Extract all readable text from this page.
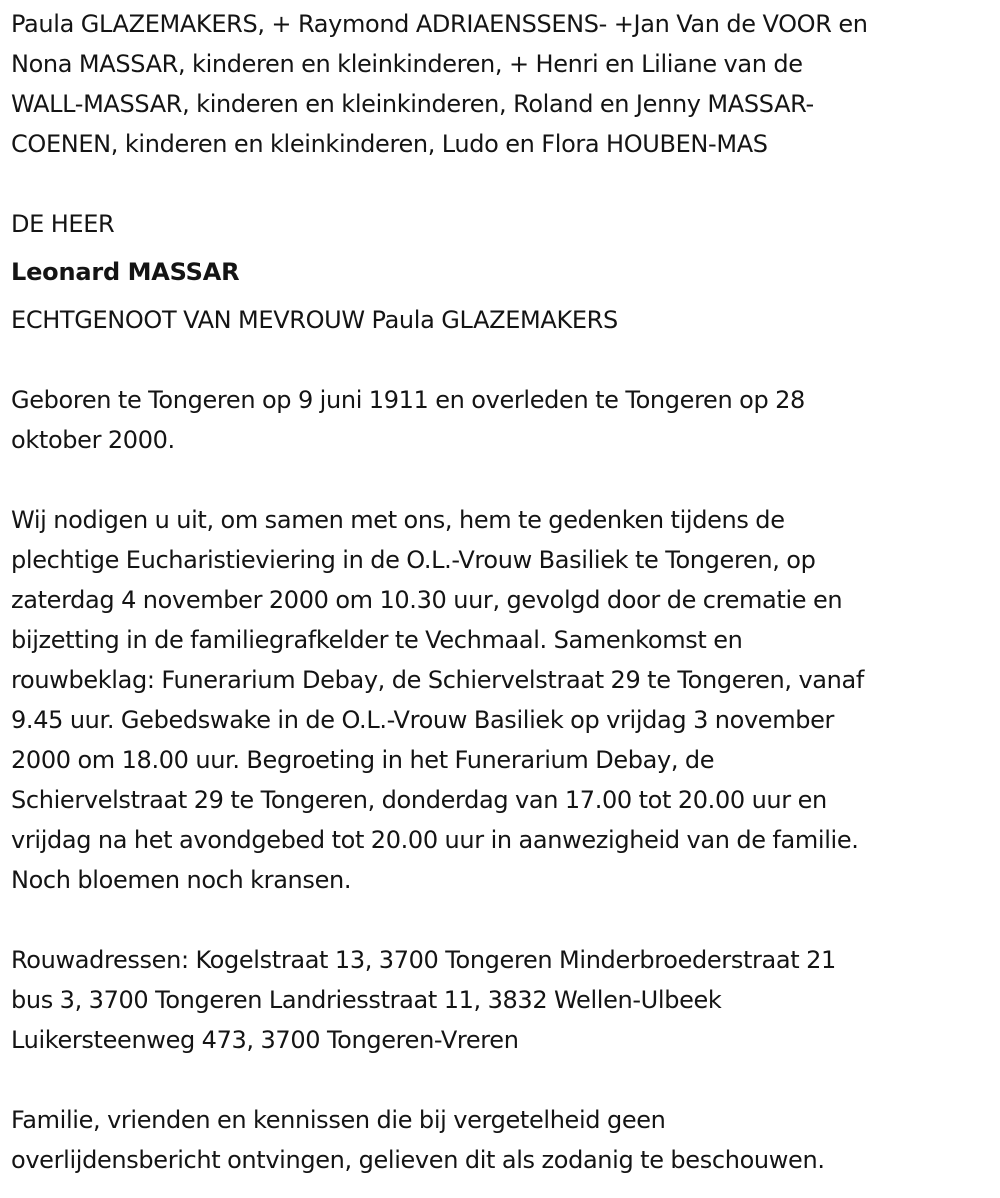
Paula GLAZEMAKERS, + Raymond ADRIAENSSENS- +Jan Van de VOOR en
Nona MASSAR, kinderen en kleinkinderen, + Henri en Liliane van de
WALL-MASSAR, kinderen en kleinkinderen, Roland en Jenny MASSAR-
COENEN, kinderen en kleinkinderen, Ludo en Flora HOUBEN-MAS
DE HEER
Leonard MASSAR
ECHTGENOOT VAN MEVROUW Paula GLAZEMAKERS
Geboren te Tongeren op 9 juni 1911 en overleden te Tongeren op 28
oktober 2000.
Wij nodigen u uit, om samen met ons, hem te gedenken tijdens de
plechtige Eucharistieviering in de O.L.-Vrouw Basiliek te Tongeren, op
zaterdag 4 november 2000 om 10.30 uur, gevolgd door de crematie en
bijzetting in de familiegrafkelder te Vechmaal. Samenkomst en
rouwbeklag: Funerarium Debay, de Schiervelstraat 29 te Tongeren, vanaf
9.45 uur. Gebedswake in de O.L.-Vrouw Basiliek op vrijdag 3 november
2000 om 18.00 uur. Begroeting in het Funerarium Debay, de
Schiervelstraat 29 te Tongeren, donderdag van 17.00 tot 20.00 uur en
vrijdag na het avondgebed tot 20.00 uur in aanwezigheid van de familie.
Noch bloemen noch kransen.
Rouwadressen: Kogelstraat 13, 3700 Tongeren Minderbroederstraat 21
bus 3, 3700 Tongeren Landriesstraat 11, 3832 Wellen-Ulbeek
Luikersteenweg 473, 3700 Tongeren-Vreren
Familie, vrienden en kennissen die bij vergetelheid geen
overlijdensbericht ontvingen, gelieven dit als zodanig te beschouwen.
